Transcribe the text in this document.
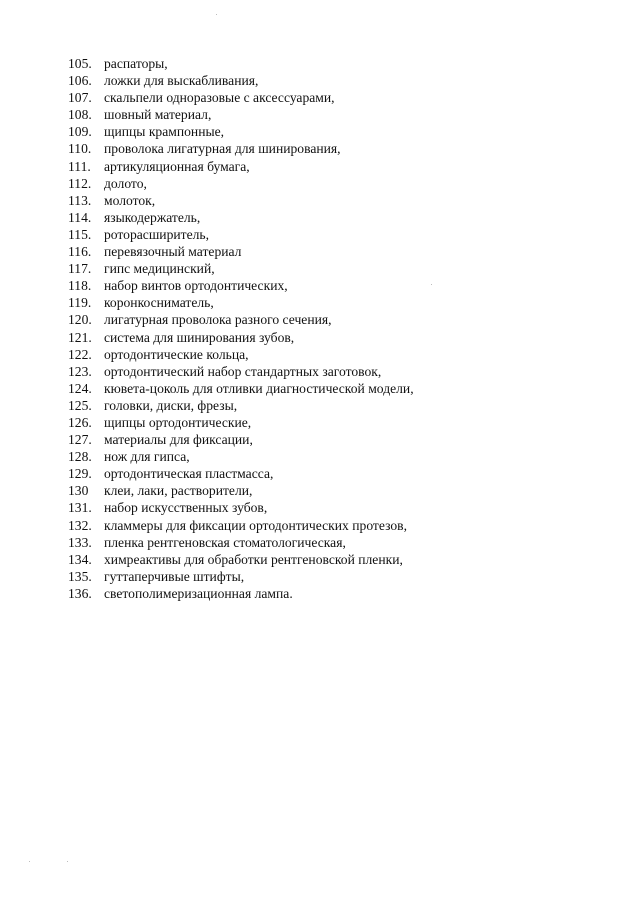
105. распаторы,
106. ложки для выскабливания,
107. скальпели одноразовые с аксессуарами,
108. шовный материал,
109. щипцы крампонные,
110. проволока лигатурная для шинирования,
111. артикуляционная бумага,
112. долото,
113. молоток,
114. языкодержатель,
115. роторасширитель,
116. перевязочный материал
117. гипс медицинский,
118. набор винтов ортодонтических,
119. коронкосниматель,
120. лигатурная проволока разного сечения,
121. система для шинирования зубов,
122. ортодонтические кольца,
123. ортодонтический набор стандартных заготовок,
124. кювета-цоколь для отливки диагностической модели,
125. головки, диски, фрезы,
126. щипцы ортодонтические,
127. материалы для фиксации,
128. нож для гипса,
129. ортодонтическая пластмасса,
130	клеи, лаки, растворители,
131. набор искусственных зубов,
132. кламмеры для фиксации ортодонтических протезов,
133. пленка рентгеновская стоматологическая,
134. химреактивы для обработки рентгеновской пленки,
135. гуттаперчивые штифты,
136. светополимеризационная лампа.
